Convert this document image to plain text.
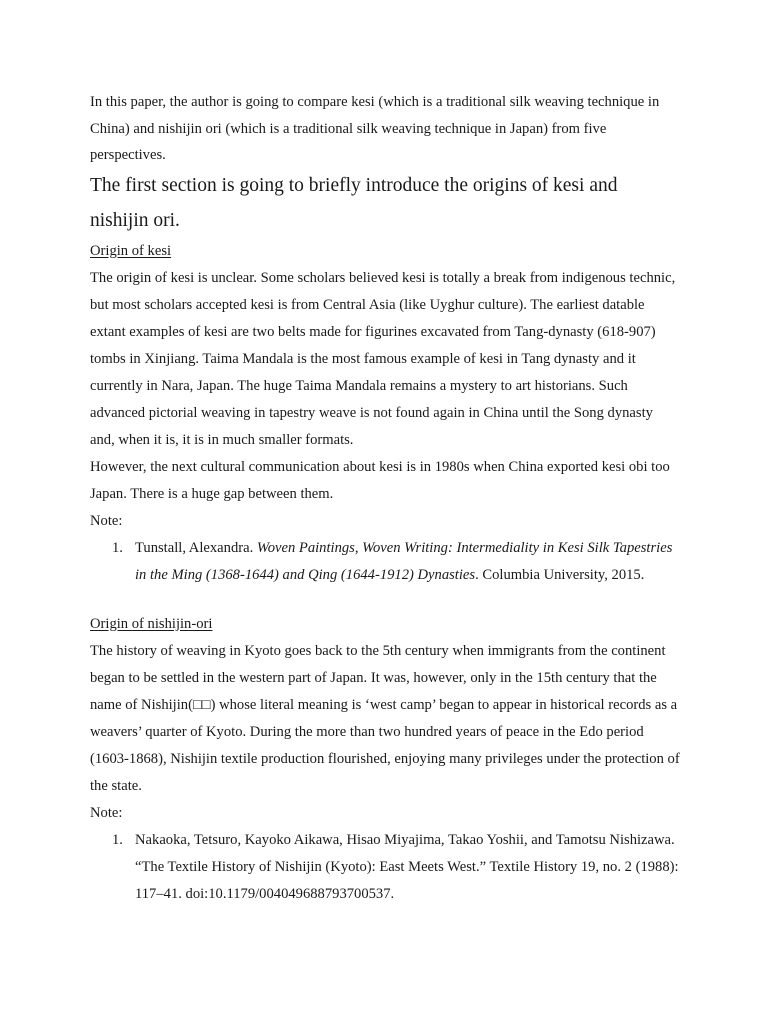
In this paper, the author is going to compare kesi (which is a traditional silk weaving technique in China) and nishijin ori (which is a traditional silk weaving technique in Japan) from five perspectives.

The first section is going to briefly introduce the origins of kesi and nishijin ori.

Origin of kesi

The origin of kesi is unclear. Some scholars believed kesi is totally a break from indigenous technic, but most scholars accepted kesi is from Central Asia (like Uyghur culture). The earliest datable extant examples of kesi are two belts made for figurines excavated from Tang-dynasty (618-907) tombs in Xinjiang. Taima Mandala is the most famous example of kesi in Tang dynasty and it currently in Nara, Japan. The huge Taima Mandala remains a mystery to art historians. Such advanced pictorial weaving in tapestry weave is not found again in China until the Song dynasty and, when it is, it is in much smaller formats.

However, the next cultural communication about kesi is in 1980s when China exported kesi obi too Japan. There is a huge gap between them.

Note:

1. Tunstall, Alexandra. Woven Paintings, Woven Writing: Intermediality in Kesi Silk Tapestries in the Ming (1368-1644) and Qing (1644-1912) Dynasties. Columbia University, 2015.

Origin of nishijin-ori

The history of weaving in Kyoto goes back to the 5th century when immigrants from the continent began to be settled in the western part of Japan. It was, however, only in the 15th century that the name of Nishijin(□□) whose literal meaning is ‘west camp’ began to appear in historical records as a weavers’ quarter of Kyoto. During the more than two hundred years of peace in the Edo period (1603-1868), Nishijin textile production flourished, enjoying many privileges under the protection of the state.

Note:

1. Nakaoka, Tetsuro, Kayoko Aikawa, Hisao Miyajima, Takao Yoshii, and Tamotsu Nishizawa. “The Textile History of Nishijin (Kyoto): East Meets West.” Textile History 19, no. 2 (1988): 117–41. doi:10.1179/004049688793700537.
